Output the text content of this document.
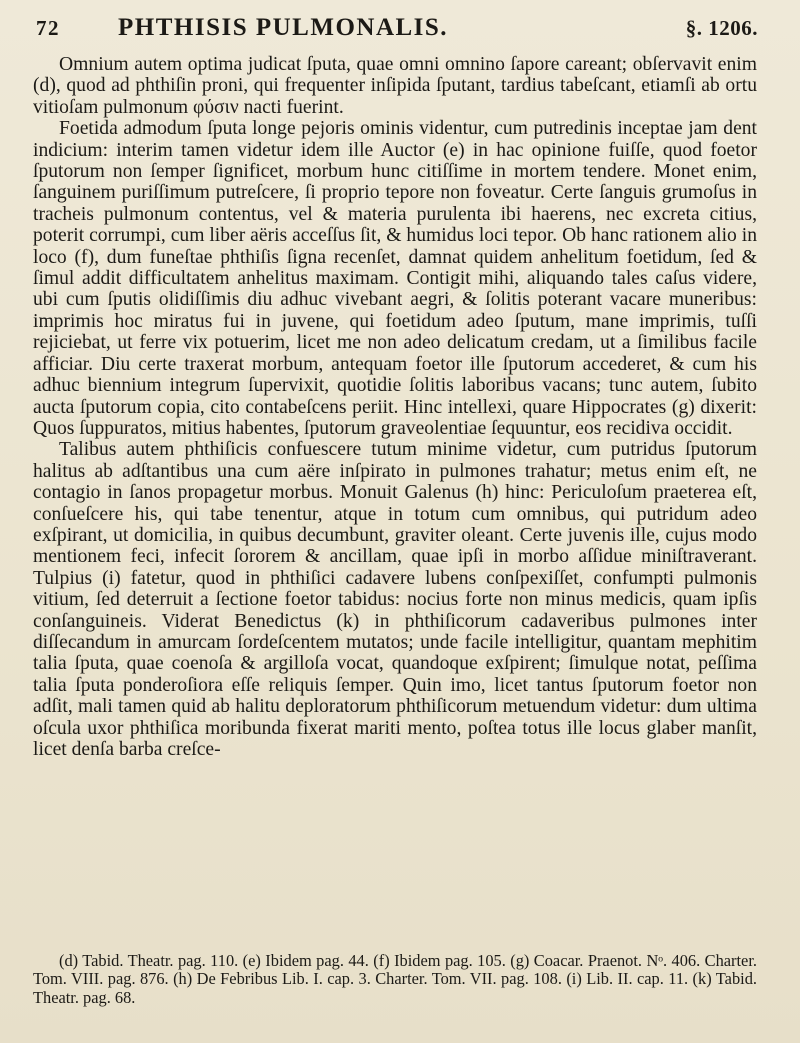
72 PHTHISIS PULMONALIS.	§. 1206.

Omnium autem optima judicat ſputa, quae omni omnino ſapore careant; obſervavit enim (d), quod ad phthiſin proni, qui frequenter inſipida ſputant, tardius tabeſcant, etiamſi ab ortu vitioſam pulmonum φύσιν nacti fuerint.

Foetida admodum ſputa longe pejoris ominis videntur, cum putredinis inceptae jam dent indicium: interim tamen videtur idem ille Auctor (e) in hac opinione fuiſſe, quod foetor ſputorum non ſemper ſignificet, morbum hunc citiſſime in mortem tendere. Monet enim, ſanguinem puriſſimum putreſcere, ſi proprio tepore non foveatur. Certe ſanguis grumoſus in tracheis pulmonum contentus, vel & materia purulenta ibi haerens, nec excreta citius, poterit corrumpi, cum liber aëris acceſſus ſit, & humidus loci tepor. Ob hanc rationem alio in loco (f), dum funeſtae phthiſis ſigna recenſet, damnat quidem anhelitum foetidum, ſed & ſimul addit difficultatem anhelitus maximam. Contigit mihi, aliquando tales caſus videre, ubi cum ſputis olidiſſimis diu adhuc vivebant aegri, & ſolitis poterant vacare muneribus: imprimis hoc miratus fui in juvene, qui foetidum adeo ſputum, mane imprimis, tuſſi rejiciebat, ut ferre vix potuerim, licet me non adeo delicatum credam, ut a ſimilibus facile afficiar. Diu certe traxerat morbum, antequam foetor ille ſputorum accederet, & cum his adhuc biennium integrum ſupervixit, quotidie ſolitis laboribus vacans; tunc autem, ſubito aucta ſputorum copia, cito contabeſcens periit. Hinc intellexi, quare Hippocrates (g) dixerit: Quos ſuppuratos, mitius habentes, ſputorum graveolentiae ſequuntur, eos recidiva occidit.

Talibus autem phthiſicis confuescere tutum minime videtur, cum putridus ſputorum halitus ab adſtantibus una cum aëre inſpirato in pulmones trahatur; metus enim eſt, ne contagio in ſanos propagetur morbus. Monuit Galenus (h) hinc: Periculoſum praeterea eſt, conſueſcere his, qui tabe tenentur, atque in totum cum omnibus, qui putridum adeo exſpirant, ut domicilia, in quibus decumbunt, graviter oleant. Certe juvenis ille, cujus modo mentionem feci, infecit ſororem & ancillam, quae ipſi in morbo aſſidue miniſtraverant. Tulpius (i) fatetur, quod in phthiſici cadavere lubens conſpexiſſet, confumpti pulmonis vitium, ſed deterruit a ſectione foetor tabidus: nocius forte non minus medicis, quam ipſis conſanguineis. Viderat Benedictus (k) in phthiſicorum cadaveribus pulmones inter diſſecandum in amurcam ſordeſcentem mutatos; unde facile intelligitur, quantam mephitim talia ſputa, quae coenoſa & argilloſa vocat, quandoque exſpirent; ſimulque notat, peſſima talia ſputa ponderoſiora eſſe reliquis ſemper. Quin imo, licet tantus ſputorum foetor non adſit, mali tamen quid ab halitu deploratorum phthiſicorum metuendum videtur: dum ultima oſcula uxor phthiſica moribunda fixerat mariti mento, poſtea totus ille locus glaber manſit, licet denſa barba creſce-

(d) Tabid. Theatr. pag. 110. (e) Ibidem pag. 44. (f) Ibidem pag. 105. (g) Coacar. Praenot. Nᵒ. 406. Charter. Tom. VIII. pag. 876. (h) De Febribus Lib. I. cap. 3. Charter. Tom. VII. pag. 108. (i) Lib. II. cap. 11. (k) Tabid. Theatr. pag. 68.
